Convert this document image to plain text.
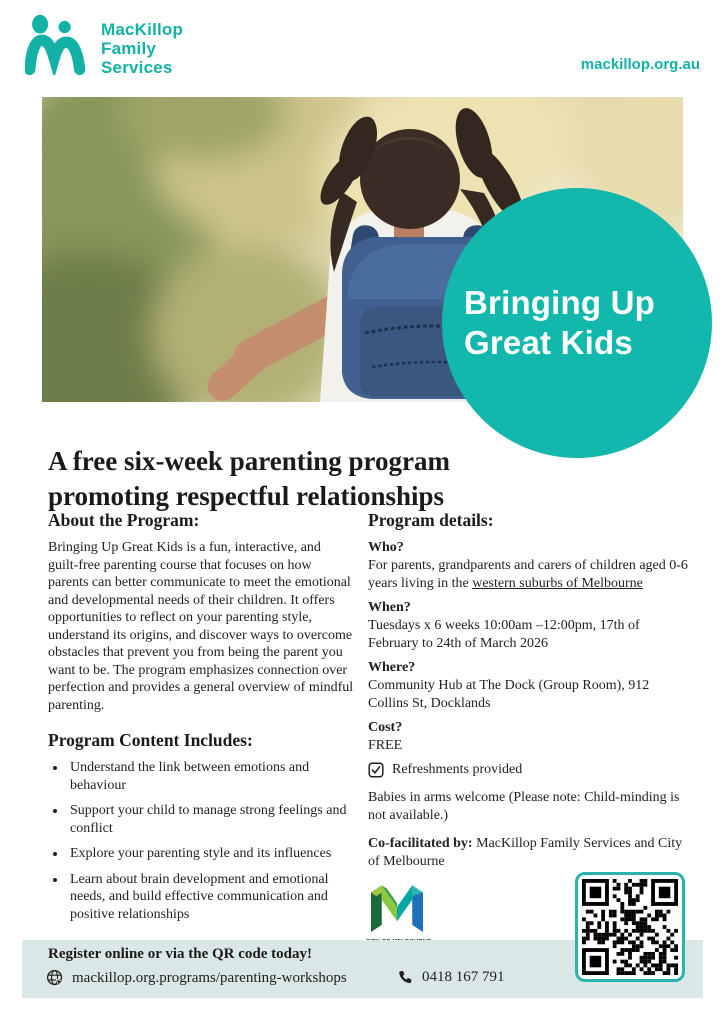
MacKillop
Family
Services	mackillop.org.au
Bringing Up
Great Kids
A free six-week parenting program promoting respectful relationships
About the Program:

Bringing Up Great Kids is a fun, interactive, and guilt-free parenting course that focuses on how parents can better communicate to meet the emotional and developmental needs of their children. It offers opportunities to reflect on your parenting style, understand its origins, and discover ways to overcome obstacles that prevent you from being the parent you want to be. The program emphasizes connection over perfection and provides a general overview of mindful parenting.

Program Content Includes:
• Understand the link between emotions and behaviour
• Support your child to manage strong feelings and conflict
• Explore your parenting style and its influences
• Learn about brain development and emotional needs, and build effective communication and positive relationships
Program details:
Who?

For parents, grandparents and carers of children aged 0-6 years living in the western suburbs of Melbourne

When?

Tuesdays x 6 weeks 10:00am –12:00pm, 17th of February to 24th of March 2026

Where?

Community Hub at The Dock (Group Room), 912 Collins St, Docklands

Cost?

FREE

Refreshments provided

Babies in arms welcome (Please note: Child-minding is not available.)

Co-facilitated by: MacKillop Family Services and City of Melbourne

Register online or via the QR code today!
mackillop.org.programs/parenting-workshops	0418 167 791
